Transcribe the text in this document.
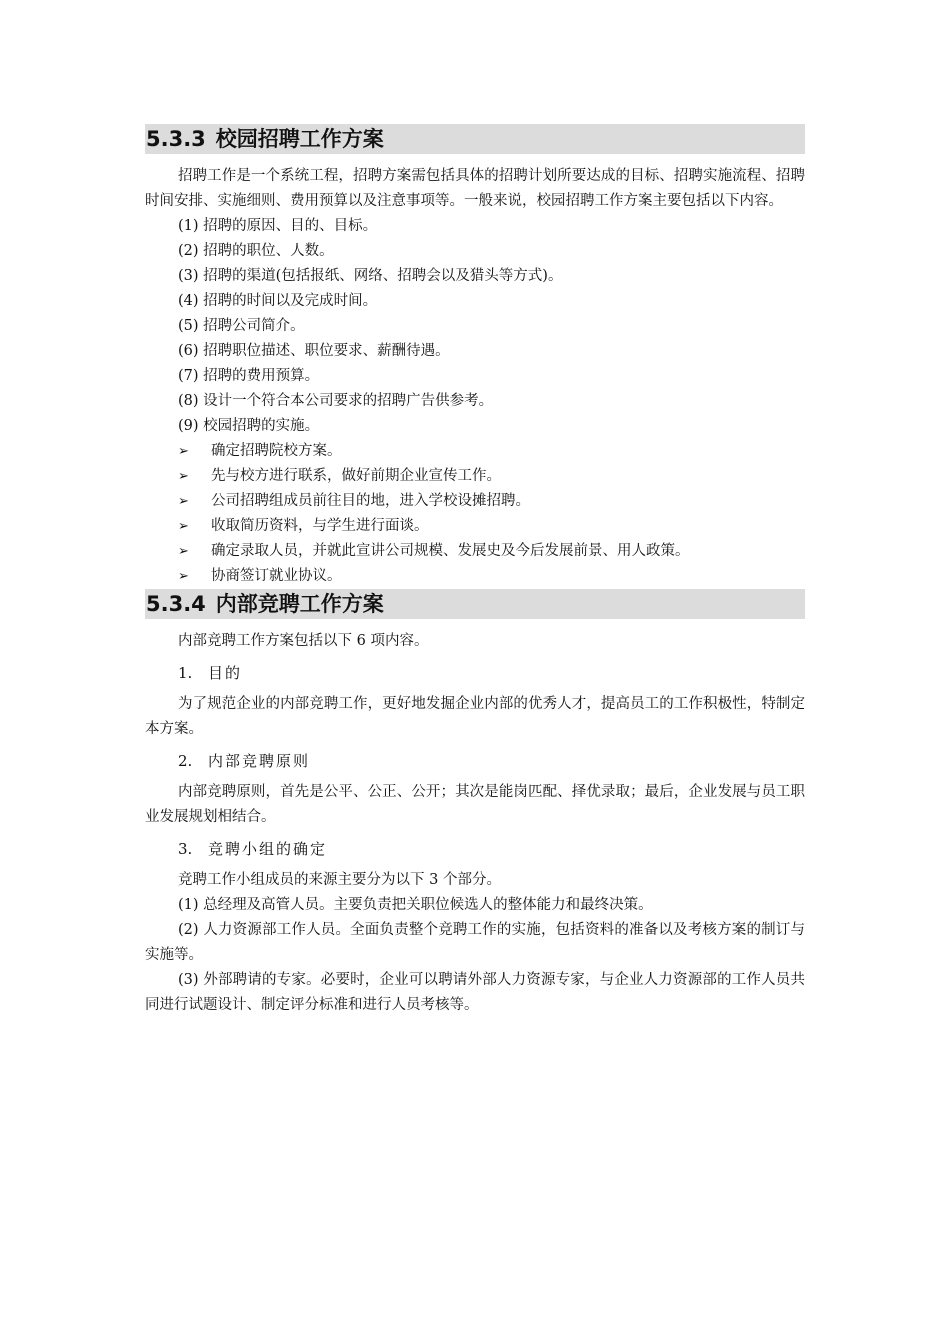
5.3.3 校园招聘工作方案

招聘工作是一个系统工程，招聘方案需包括具体的招聘计划所要达成的目标、招聘实施流程、招聘时间安排、实施细则、费用预算以及注意事项等。一般来说，校园招聘工作方案主要包括以下内容。

(1) 招聘的原因、目的、目标。

(2) 招聘的职位、人数。

(3) 招聘的渠道(包括报纸、网络、招聘会以及猎头等方式)。

(4) 招聘的时间以及完成时间。

(5) 招聘公司简介。

(6) 招聘职位描述、职位要求、薪酬待遇。

(7) 招聘的费用预算。

(8) 设计一个符合本公司要求的招聘广告供参考。

(9) 校园招聘的实施。

➢ 确定招聘院校方案。

➢ 先与校方进行联系，做好前期企业宣传工作。

➢ 公司招聘组成员前往目的地，进入学校设摊招聘。

➢ 收取简历资料，与学生进行面谈。

➢ 确定录取人员，并就此宣讲公司规模、发展史及今后发展前景、用人政策。

➢ 协商签订就业协议。

5.3.4 内部竞聘工作方案

内部竞聘工作方案包括以下 6 项内容。

1. 目的

为了规范企业的内部竞聘工作，更好地发掘企业内部的优秀人才，提高员工的工作积极性，特制定本方案。

2. 内部竞聘原则

内部竞聘原则，首先是公平、公正、公开；其次是能岗匹配、择优录取；最后，企业发展与员工职业发展规划相结合。

3. 竞聘小组的确定

竞聘工作小组成员的来源主要分为以下 3 个部分。

(1) 总经理及高管人员。主要负责把关职位候选人的整体能力和最终决策。

(2) 人力资源部工作人员。全面负责整个竞聘工作的实施，包括资料的准备以及考核方案的制订与实施等。

(3) 外部聘请的专家。必要时，企业可以聘请外部人力资源专家，与企业人力资源部的工作人员共同进行试题设计、制定评分标准和进行人员考核等。
